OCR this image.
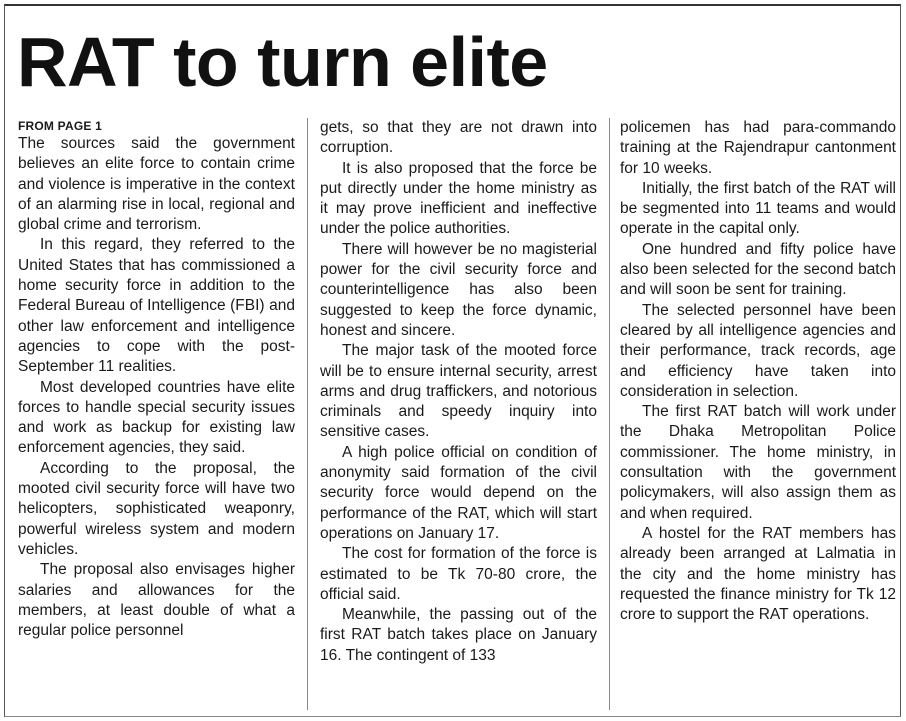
RAT to turn elite
FROM PAGE 1

The sources said the government believes an elite force to contain crime and violence is imperative in the context of an alarming rise in local, regional and global crime and terrorism.

In this regard, they referred to the United States that has commissioned a home security force in addition to the Federal Bureau of Intelligence (FBI) and other law enforcement and intelligence agencies to cope with the post-September 11 realities.

Most developed countries have elite forces to handle special security issues and work as backup for existing law enforcement agencies, they said.

According to the proposal, the mooted civil security force will have two helicopters, sophisticated weaponry, powerful wireless system and modern vehicles.

The proposal also envisages higher salaries and allowances for the members, at least double of what a regular police personnel

gets, so that they are not drawn into corruption.

It is also proposed that the force be put directly under the home ministry as it may prove inefficient and ineffective under the police authorities.

There will however be no magisterial power for the civil security force and counterintelligence has also been suggested to keep the force dynamic, honest and sincere.

The major task of the mooted force will be to ensure internal security, arrest arms and drug traffickers, and notorious criminals and speedy inquiry into sensitive cases.

A high police official on condition of anonymity said formation of the civil security force would depend on the performance of the RAT, which will start operations on January 17.

The cost for formation of the force is estimated to be Tk 70-80 crore, the official said.

Meanwhile, the passing out of the first RAT batch takes place on January 16. The contingent of 133

policemen has had para-commando training at the Rajendrapur cantonment for 10 weeks.

Initially, the first batch of the RAT will be segmented into 11 teams and would operate in the capital only.

One hundred and fifty police have also been selected for the second batch and will soon be sent for training.

The selected personnel have been cleared by all intelligence agencies and their performance, track records, age and efficiency have taken into consideration in selection.

The first RAT batch will work under the Dhaka Metropolitan Police commissioner. The home ministry, in consultation with the government policymakers, will also assign them as and when required.

A hostel for the RAT members has already been arranged at Lalmatia in the city and the home ministry has requested the finance ministry for Tk 12 crore to support the RAT operations.
